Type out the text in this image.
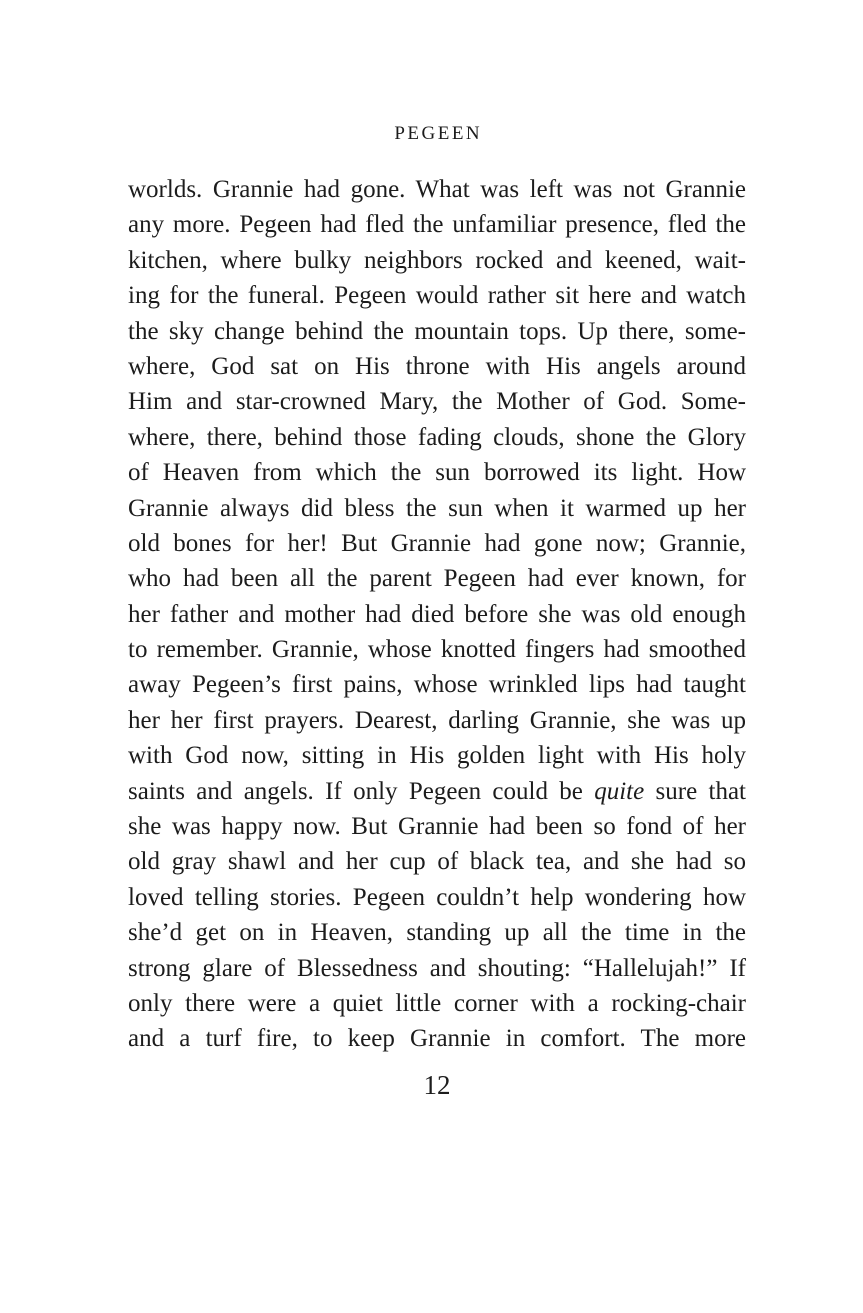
PEGEEN
worlds. Grannie had gone. What was left was not Grannie
any more. Pegeen had fled the unfamiliar presence, fled the
kitchen, where bulky neighbors rocked and keened, wait-
ing for the funeral. Pegeen would rather sit here and watch
the sky change behind the mountain tops. Up there, some-
where, God sat on His throne with His angels around
Him and star-crowned Mary, the Mother of God. Some-
where, there, behind those fading clouds, shone the Glory
of Heaven from which the sun borrowed its light. How
Grannie always did bless the sun when it warmed up her
old bones for her! But Grannie had gone now; Grannie,
who had been all the parent Pegeen had ever known, for
her father and mother had died before she was old enough
to remember. Grannie, whose knotted fingers had smoothed
away Pegeen’s first pains, whose wrinkled lips had taught
her her first prayers. Dearest, darling Grannie, she was up
with God now, sitting in His golden light with His holy
saints and angels. If only Pegeen could be quite sure that
she was happy now. But Grannie had been so fond of her
old gray shawl and her cup of black tea, and she had so
loved telling stories. Pegeen couldn’t help wondering how
she’d get on in Heaven, standing up all the time in the
strong glare of Blessedness and shouting: “Hallelujah!” If
only there were a quiet little corner with a rocking-chair
and a turf fire, to keep Grannie in comfort. The more
12
